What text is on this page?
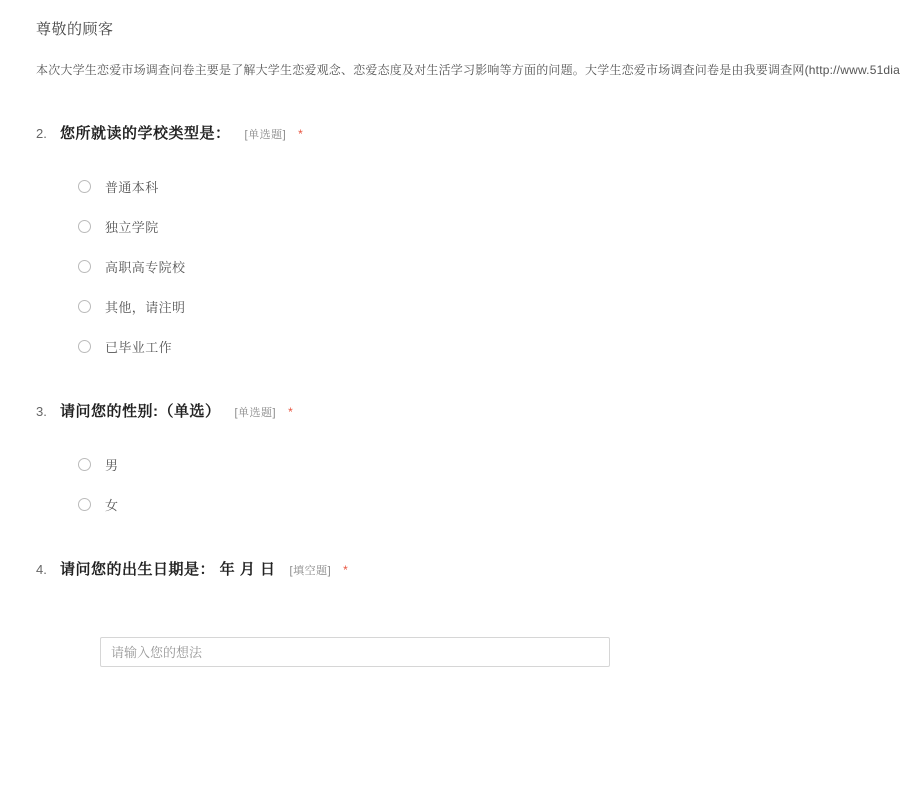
尊敬的顾客
本次大学生恋爱市场调查问卷主要是了解大学生恋爱观念、恋爱态度及对生活学习影响等方面的问题。大学生恋爱市场调查问卷是由我要调查网(http://www.51dia
2. 您所就读的学校类型是： [单选题] *
普通本科
独立学院
高职高专院校
其他，请注明
已毕业工作
3. 请问您的性别:（单选） [单选题] *
男
女
4. 请问您的出生日期是： 年 月 日 [填空题] *
请输入您的想法
